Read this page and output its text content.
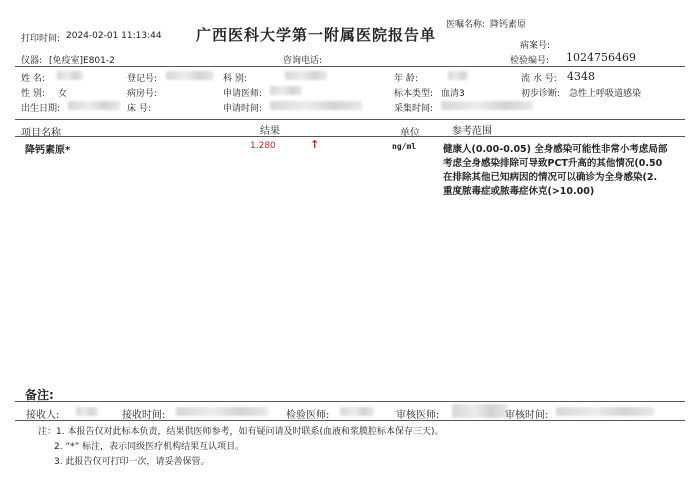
打印时间: 2024-02-01 11:13:44 广西医科大学第一附属医院报告单
医嘱名称: 降钙素原
病案号:
仪器: [免疫室]E801-2	咨询电话:	检验编号: 1024756469
姓 名:	登记号:	科 别:	年 龄:	流 水 号: 4348
性 别: 女	病房号:	申请医师:	标本类型: 血清3	初步诊断: 急性上呼吸道感染
出生日期:	床 号:	申请时间:	采集时间:
项目名称	结果	单位	参考范围
降钙素原*	1.280	↑	ng/ml	健康人(0.00-0.05) 全身感染可能性非常小考虑局部
考虑全身感染排除可导致PCT升高的其他情况(0.50
在排除其他已知病因的情况可以确诊为全身感染(2.
重度脓毒症或脓毒症休克(>10.00)
备注:
接收人:	接收时间:	检验医师:	审核医师:	审核时间:
注：1. 本报告仅对此标本负责，结果供医师参考，如有疑问请及时联系(血液和浆膜腔标本保存三天)。
2. “*” 标注，表示同级医疗机构结果互认项目。
3. 此报告仅可打印一次，请妥善保管。
